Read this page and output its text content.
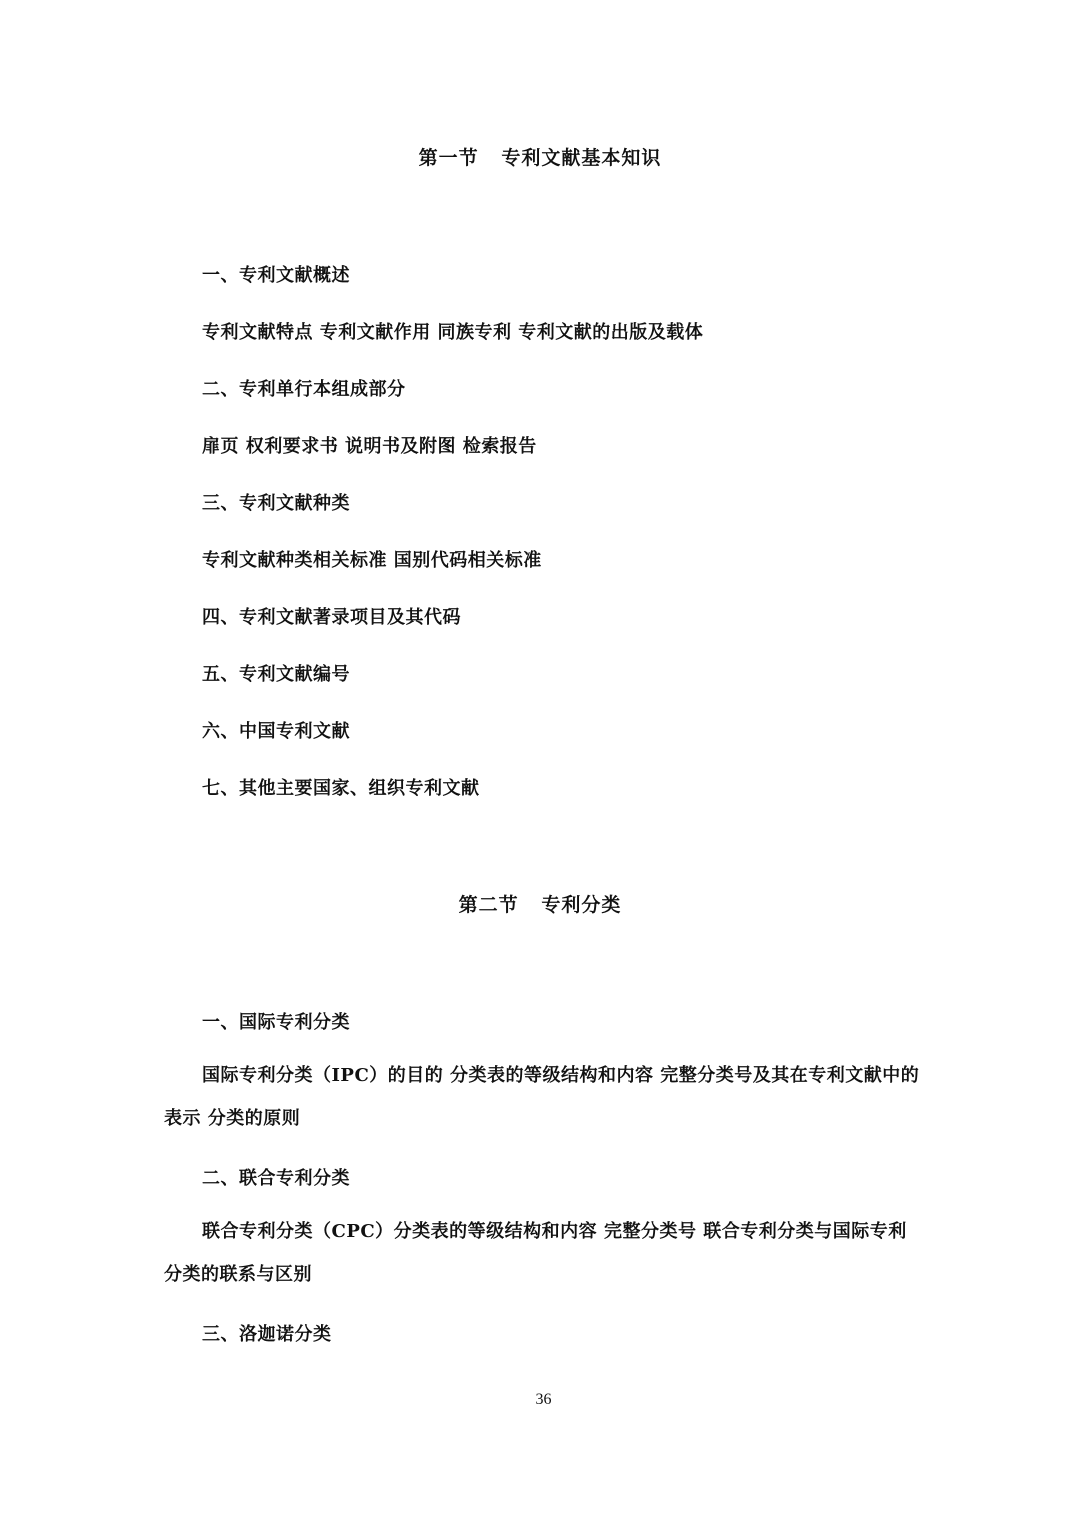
第一节   专利文献基本知识
一、专利文献概述
专利文献特点 专利文献作用 同族专利 专利文献的出版及载体
二、专利单行本组成部分
扉页 权利要求书 说明书及附图 检索报告
三、专利文献种类
专利文献种类相关标准 国别代码相关标准
四、专利文献著录项目及其代码
五、专利文献编号
六、中国专利文献
七、其他主要国家、组织专利文献
第二节   专利分类
一、国际专利分类
国际专利分类（IPC）的目的 分类表的等级结构和内容 完整分类号及其在专利文献中的表示 分类的原则
二、联合专利分类
联合专利分类（CPC）分类表的等级结构和内容 完整分类号 联合专利分类与国际专利分类的联系与区别
三、洛迦诺分类
36
